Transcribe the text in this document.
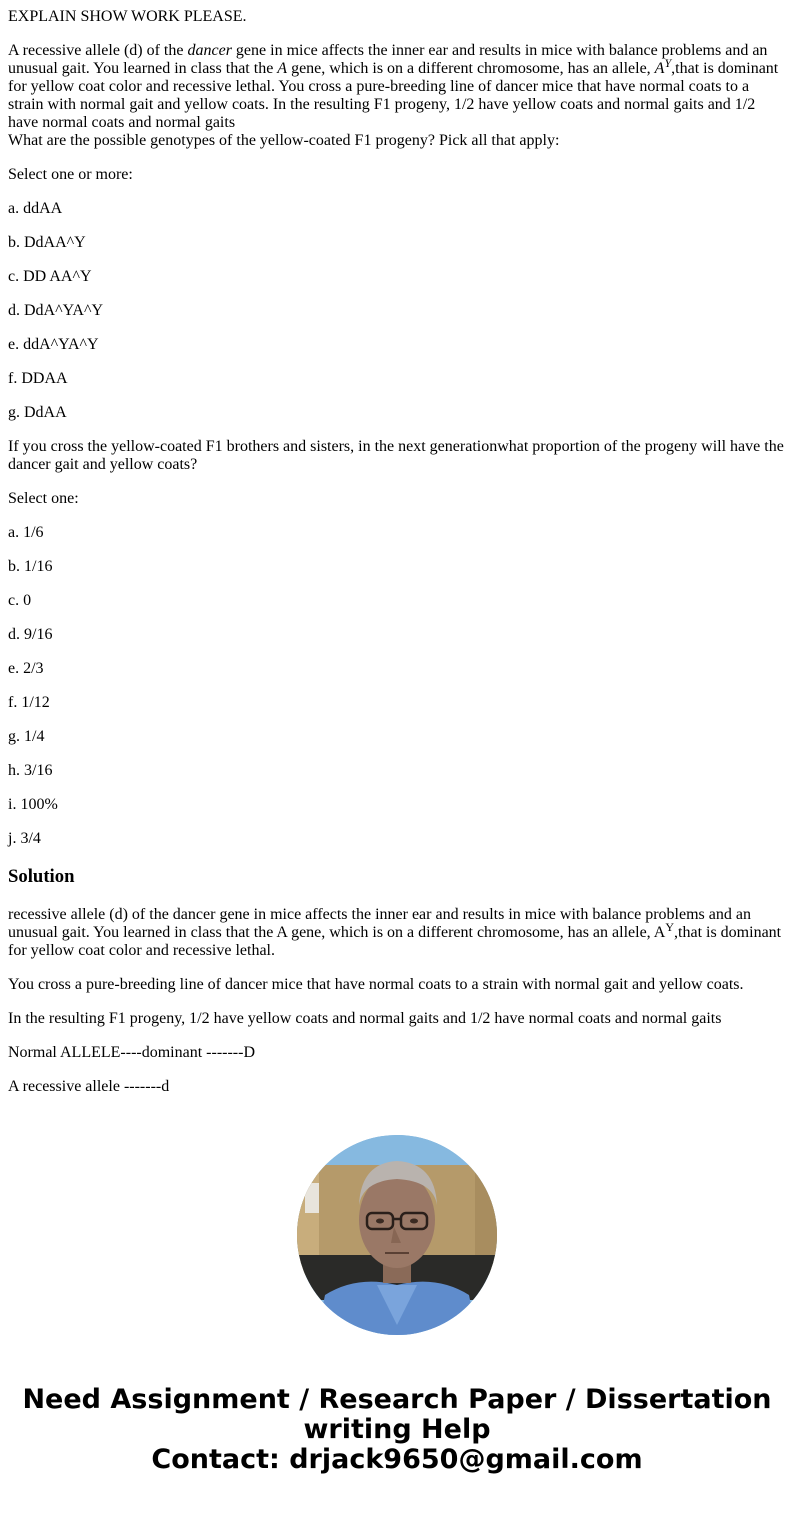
EXPLAIN SHOW WORK PLEASE.

A recessive allele (d) of the dancer gene in mice affects the inner ear and results in mice with balance problems and an unusual gait. You learned in class that the A gene, which is on a different chromosome, has an allele, $A^Y,that$ is dominant for yellow coat color and recessive lethal. You cross a pure-breeding line of dancer mice that have normal coats to a strain with normal gait and yellow coats. In the resulting F1 progeny, 1/2 have yellow coats and normal gaits and 1/2 have normal coats and normal gaits
What are the possible genotypes of the yellow-coated F1 progeny? Pick all that apply:

Select one or more:

a. ddAA

b. DdAA^Y

c. DD AA^Y

d. DdA^YA^Y

e. ddA^YA^Y

f. DDAA

g. DdAA

If you cross the yellow-coated F1 brothers and sisters, in the next generationwhat proportion of the progeny will have the dancer gait and yellow coats?

Select one:

a. 1/6

b. 1/16

c. 0

d. 9/16

e. 2/3

f. 1/12

g. 1/4

h. 3/16

i. 100%

j. 3/4

Solution

recessive allele (d) of the dancer gene in mice affects the inner ear and results in mice with balance problems and an unusual gait. You learned in class that the A gene, which is on a different chromosome, has an allele, $A^Y,that$ is dominant for yellow coat color and recessive lethal.

You cross a pure-breeding line of dancer mice that have normal coats to a strain with normal gait and yellow coats.

In the resulting F1 progeny, 1/2 have yellow coats and normal gaits and 1/2 have normal coats and normal gaits

Normal ALLELE----dominant -------D

A recessive allele -------d

Need Assignment / Research Paper / Dissertation writing Help
Contact: drjack9650@gmail.com
